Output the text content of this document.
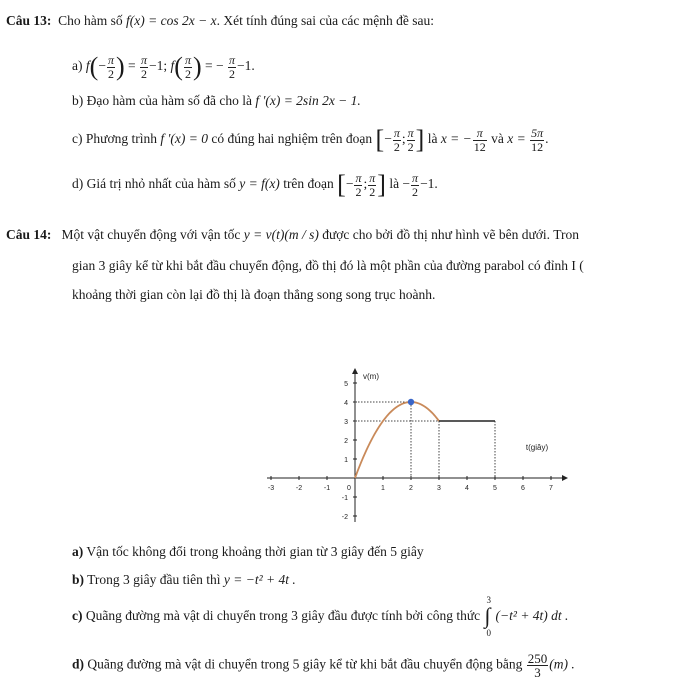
Câu 13: Cho hàm số f(x) = cos 2x − x. Xét tính đúng sai của các mệnh đề sau:
a) $f(- \frac{\pi}{2}$ ) = $\frac{\pi}{2} -1$; $f( \frac{\pi}{2}$ ) = − $\frac{\pi}{2} -1$.
b) Đạo hàm của hàm số đã cho là f '(x) = 2sin 2x − 1.
c) Phương trình f '(x) = 0 có đúng hai nghiệm trên đoạn [− $\frac{\pi}{2}$ ; $\frac{\pi}{2}$ ] là x = − $\frac{\pi}{12}$ và $x = \frac{5\pi}{12}$ .
d) Giá trị nhỏ nhất của hàm số y = f(x) trên đoạn [− $\frac{\pi}{2}$ ; $\frac{\pi}{2}$ ] là − $\frac{\pi}{2} -1$.
Câu 14: Một vật chuyển động với vận tốc y = v(t)(m / s) được cho bởi đồ thị như hình vẽ bên dưới. Tron
gian 3 giây kể từ khi bắt đầu chuyển động, đồ thị đó là một phần của đường parabol có đỉnh I (
khoảng thời gian còn lại đồ thị là đoạn thẳng song song trục hoành.
-3	-2	-1 0	1	2	3	4	5	6	7
-2
-1
1
2
3
4
5
v(m)
t(giây)
a) Vận tốc không đổi trong khoảng thời gian từ 3 giây đến 5 giây
b) Trong 3 giây đầu tiên thì y = −t² + 4t .
c) Quãng đường mà vật di chuyển trong 3 giây đầu được tính bởi công thức
3
∫
0
(−t² + 4t) dt .
d) Quãng đường mà vật di chuyển trong 5 giây kể từ khi bắt đầu chuyển động bằng $\frac{250}{3} (m)$ .
